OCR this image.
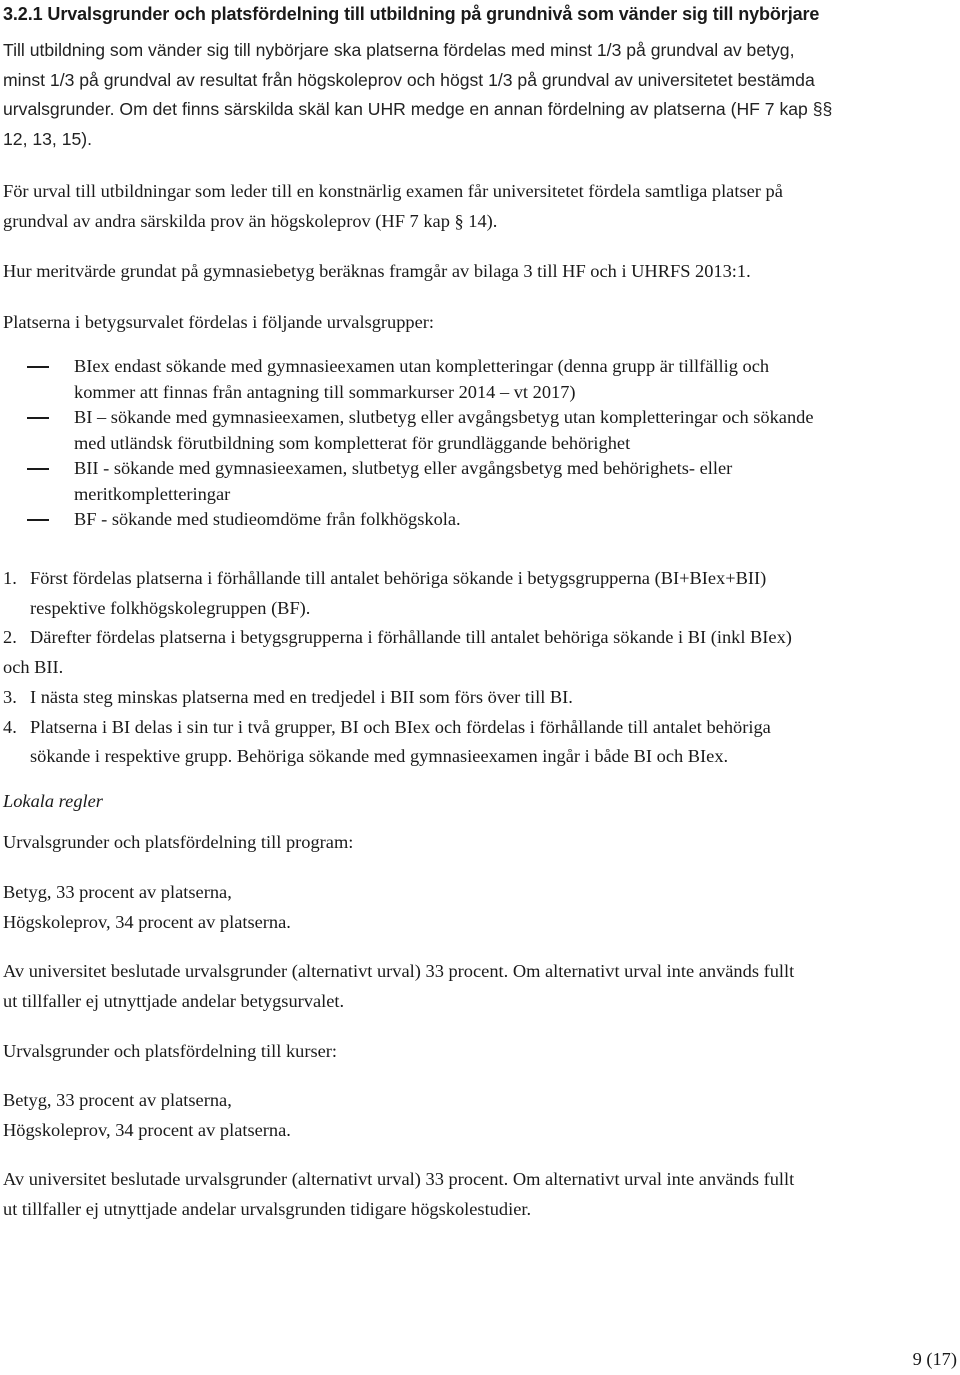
3.2.1 Urvalsgrunder och platsfördelning till utbildning på grundnivå som vänder sig till nybörjare
Till utbildning som vänder sig till nybörjare ska platserna fördelas med minst 1/3 på grundval av betyg,
minst 1/3 på grundval av resultat från högskoleprov och högst 1/3 på grundval av universitetet bestämda
urvalsgrunder. Om det finns särskilda skäl kan UHR medge en annan fördelning av platserna (HF 7 kap §§
12, 13, 15).
För urval till utbildningar som leder till en konstnärlig examen får universitetet fördela samtliga platser på
grundval av andra särskilda prov än högskoleprov (HF 7 kap § 14).
Hur meritvärde grundat på gymnasiebetyg beräknas framgår av bilaga 3 till HF och i UHRFS 2013:1.
Platserna i betygsurvalet fördelas i följande urvalsgrupper:
BIex endast sökande med gymnasieexamen utan kompletteringar (denna grupp är tillfällig och
kommer att finnas från antagning till sommarkurser 2014 – vt 2017)
BI – sökande med gymnasieexamen, slutbetyg eller avgångsbetyg utan kompletteringar och sökande
med utländsk förutbildning som kompletterat för grundläggande behörighet
BII - sökande med gymnasieexamen, slutbetyg eller avgångsbetyg med behörighets- eller
meritkompletteringar
BF - sökande med studieomdöme från folkhögskola.
1. Först fördelas platserna i förhållande till antalet behöriga sökande i betygsgrupperna (BI+BIex+BII)
respektive folkhögskolegruppen (BF).
2. Därefter fördelas platserna i betygsgrupperna i förhållande till antalet behöriga sökande i BI (inkl BIex)
och BII.
3. I nästa steg minskas platserna med en tredjedel i BII som förs över till BI.
4. Platserna i BI delas i sin tur i två grupper, BI och BIex och fördelas i förhållande till antalet behöriga
sökande i respektive grupp. Behöriga sökande med gymnasieexamen ingår i både BI och BIex.
Lokala regler
Urvalsgrunder och platsfördelning till program:
Betyg, 33 procent av platserna,
Högskoleprov, 34 procent av platserna.
Av universitet beslutade urvalsgrunder (alternativt urval) 33 procent. Om alternativt urval inte används fullt
ut tillfaller ej utnyttjade andelar betygsurvalet.
Urvalsgrunder och platsfördelning till kurser:
Betyg, 33 procent av platserna,
Högskoleprov, 34 procent av platserna.
Av universitet beslutade urvalsgrunder (alternativt urval) 33 procent. Om alternativt urval inte används fullt
ut tillfaller ej utnyttjade andelar urvalsgrunden tidigare högskolestudier.
9 (17)
